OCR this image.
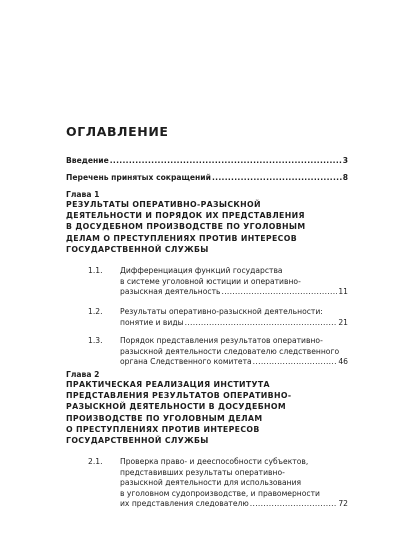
ОГЛАВЛЕНИЕ
Введение .....	3
Перечень принятых сокращений .....	8
Глава 1
РЕЗУЛЬТАТЫ ОПЕРАТИВНО-РАЗЫСКНОЙ
ДЕЯТЕЛЬНОСТИ И ПОРЯДОК ИХ ПРЕДСТАВЛЕНИЯ
В ДОСУДЕБНОМ ПРОИЗВОДСТВЕ ПО УГОЛОВНЫМ
ДЕЛАМ О ПРЕСТУПЛЕНИЯХ ПРОТИВ ИНТЕРЕСОВ
ГОСУДАРСТВЕННОЙ СЛУЖБЫ
1.1. Дифференциация функций государства
в системе уголовной юстиции и оперативно-
разыскная деятельность .....	11
1.2. Результаты оперативно-разыскной деятельности:
понятие и виды .....	21
1.3. Порядок представления результатов оперативно-
разыскной деятельности следователю следственного
органа Следственного комитета .....	46
Глава 2
ПРАКТИЧЕСКАЯ РЕАЛИЗАЦИЯ ИНСТИТУТА
ПРЕДСТАВЛЕНИЯ РЕЗУЛЬТАТОВ ОПЕРАТИВНО-
РАЗЫСКНОЙ ДЕЯТЕЛЬНОСТИ В ДОСУДЕБНОМ
ПРОИЗВОДСТВЕ ПО УГОЛОВНЫМ ДЕЛАМ
О ПРЕСТУПЛЕНИЯХ ПРОТИВ ИНТЕРЕСОВ
ГОСУДАРСТВЕННОЙ СЛУЖБЫ
2.1. Проверка право- и дееспособности субъектов,
представивших результаты оперативно-
разыскной деятельности для использования
в уголовном судопроизводстве, и правомерности
их представления следователю .....	72
